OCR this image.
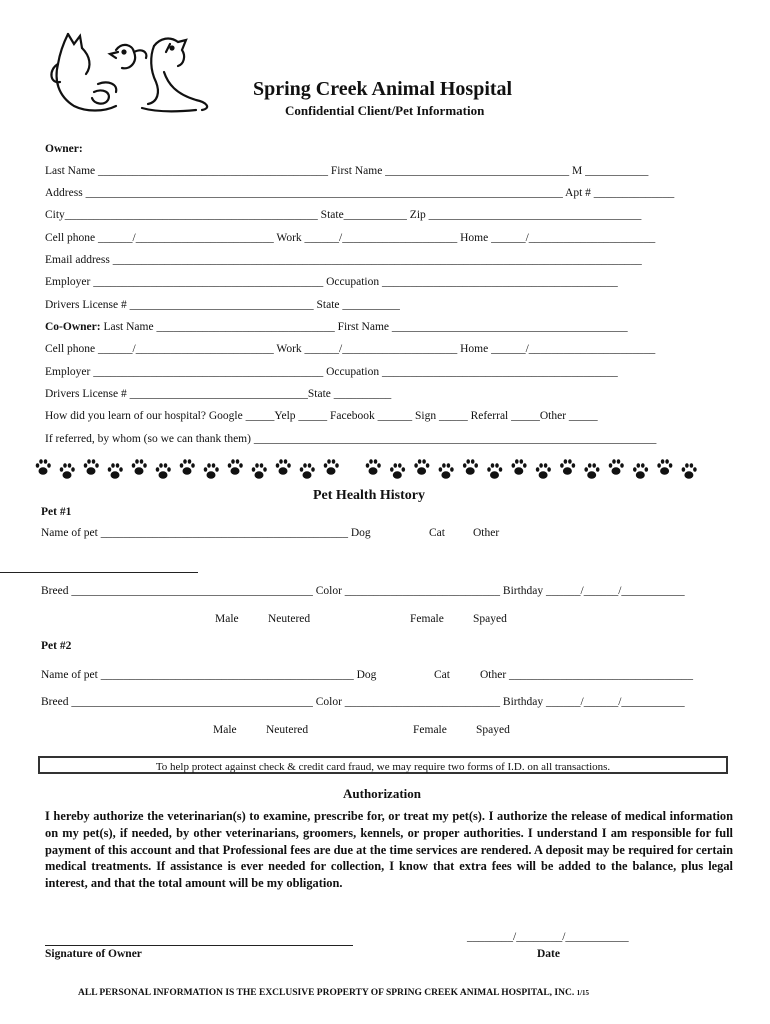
Spring Creek Animal Hospital
Confidential Client/Pet Information
Owner:
Last Name ________________________________________ First Name ________________________________ M ___________
Address ___________________________________________________________________________________ Apt # ______________
City____________________________________________ State___________ Zip _____________________________________
Cell phone ______/________________________ Work ______/____________________ Home ______/______________________
Email address ____________________________________________________________________________________________
Employer ________________________________________ Occupation _________________________________________
Drivers License # ________________________________ State __________
Co-Owner: Last Name _______________________________ First Name _________________________________________
Cell phone ______/________________________ Work ______/____________________ Home ______/______________________
Employer ________________________________________ Occupation _________________________________________
Drivers License # _______________________________State __________
How did you learn of our hospital? Google _____Yelp _____ Facebook ______ Sign _____ Referral _____Other _____
If referred, by whom (so we can thank them) ______________________________________________________________________
Pet Health History
Pet #1
Name of pet ___________________________________________ Dog	Cat Other
Breed __________________________________________ Color ___________________________ Birthday ______/______/___________
Male	Neutered	Female	Spayed
Pet #2
Name of pet ____________________________________________ Dog	Cat	Other ________________________________
Breed __________________________________________ Color ___________________________ Birthday ______/______/___________
Male	Neutered	Female	Spayed
To help protect against check & credit card fraud, we may require two forms of I.D. on all transactions.
Authorization
I hereby authorize the veterinarian(s) to examine, prescribe for, or treat my pet(s). I authorize the release of medical information on my pet(s), if needed, by other veterinarians, groomers, kennels, or proper authorities. I understand I am responsible for full payment of this account and that Professional fees are due at the time services are rendered. A deposit may be required for certain medical treatments. If assistance is ever needed for collection, I know that extra fees will be added to the balance, plus legal interest, and that the total amount will be my obligation.
Signature of Owner
________/________/___________
Date
ALL PERSONAL INFORMATION IS THE EXCLUSIVE PROPERTY OF SPRING CREEK ANIMAL HOSPITAL, INC. 1/15
